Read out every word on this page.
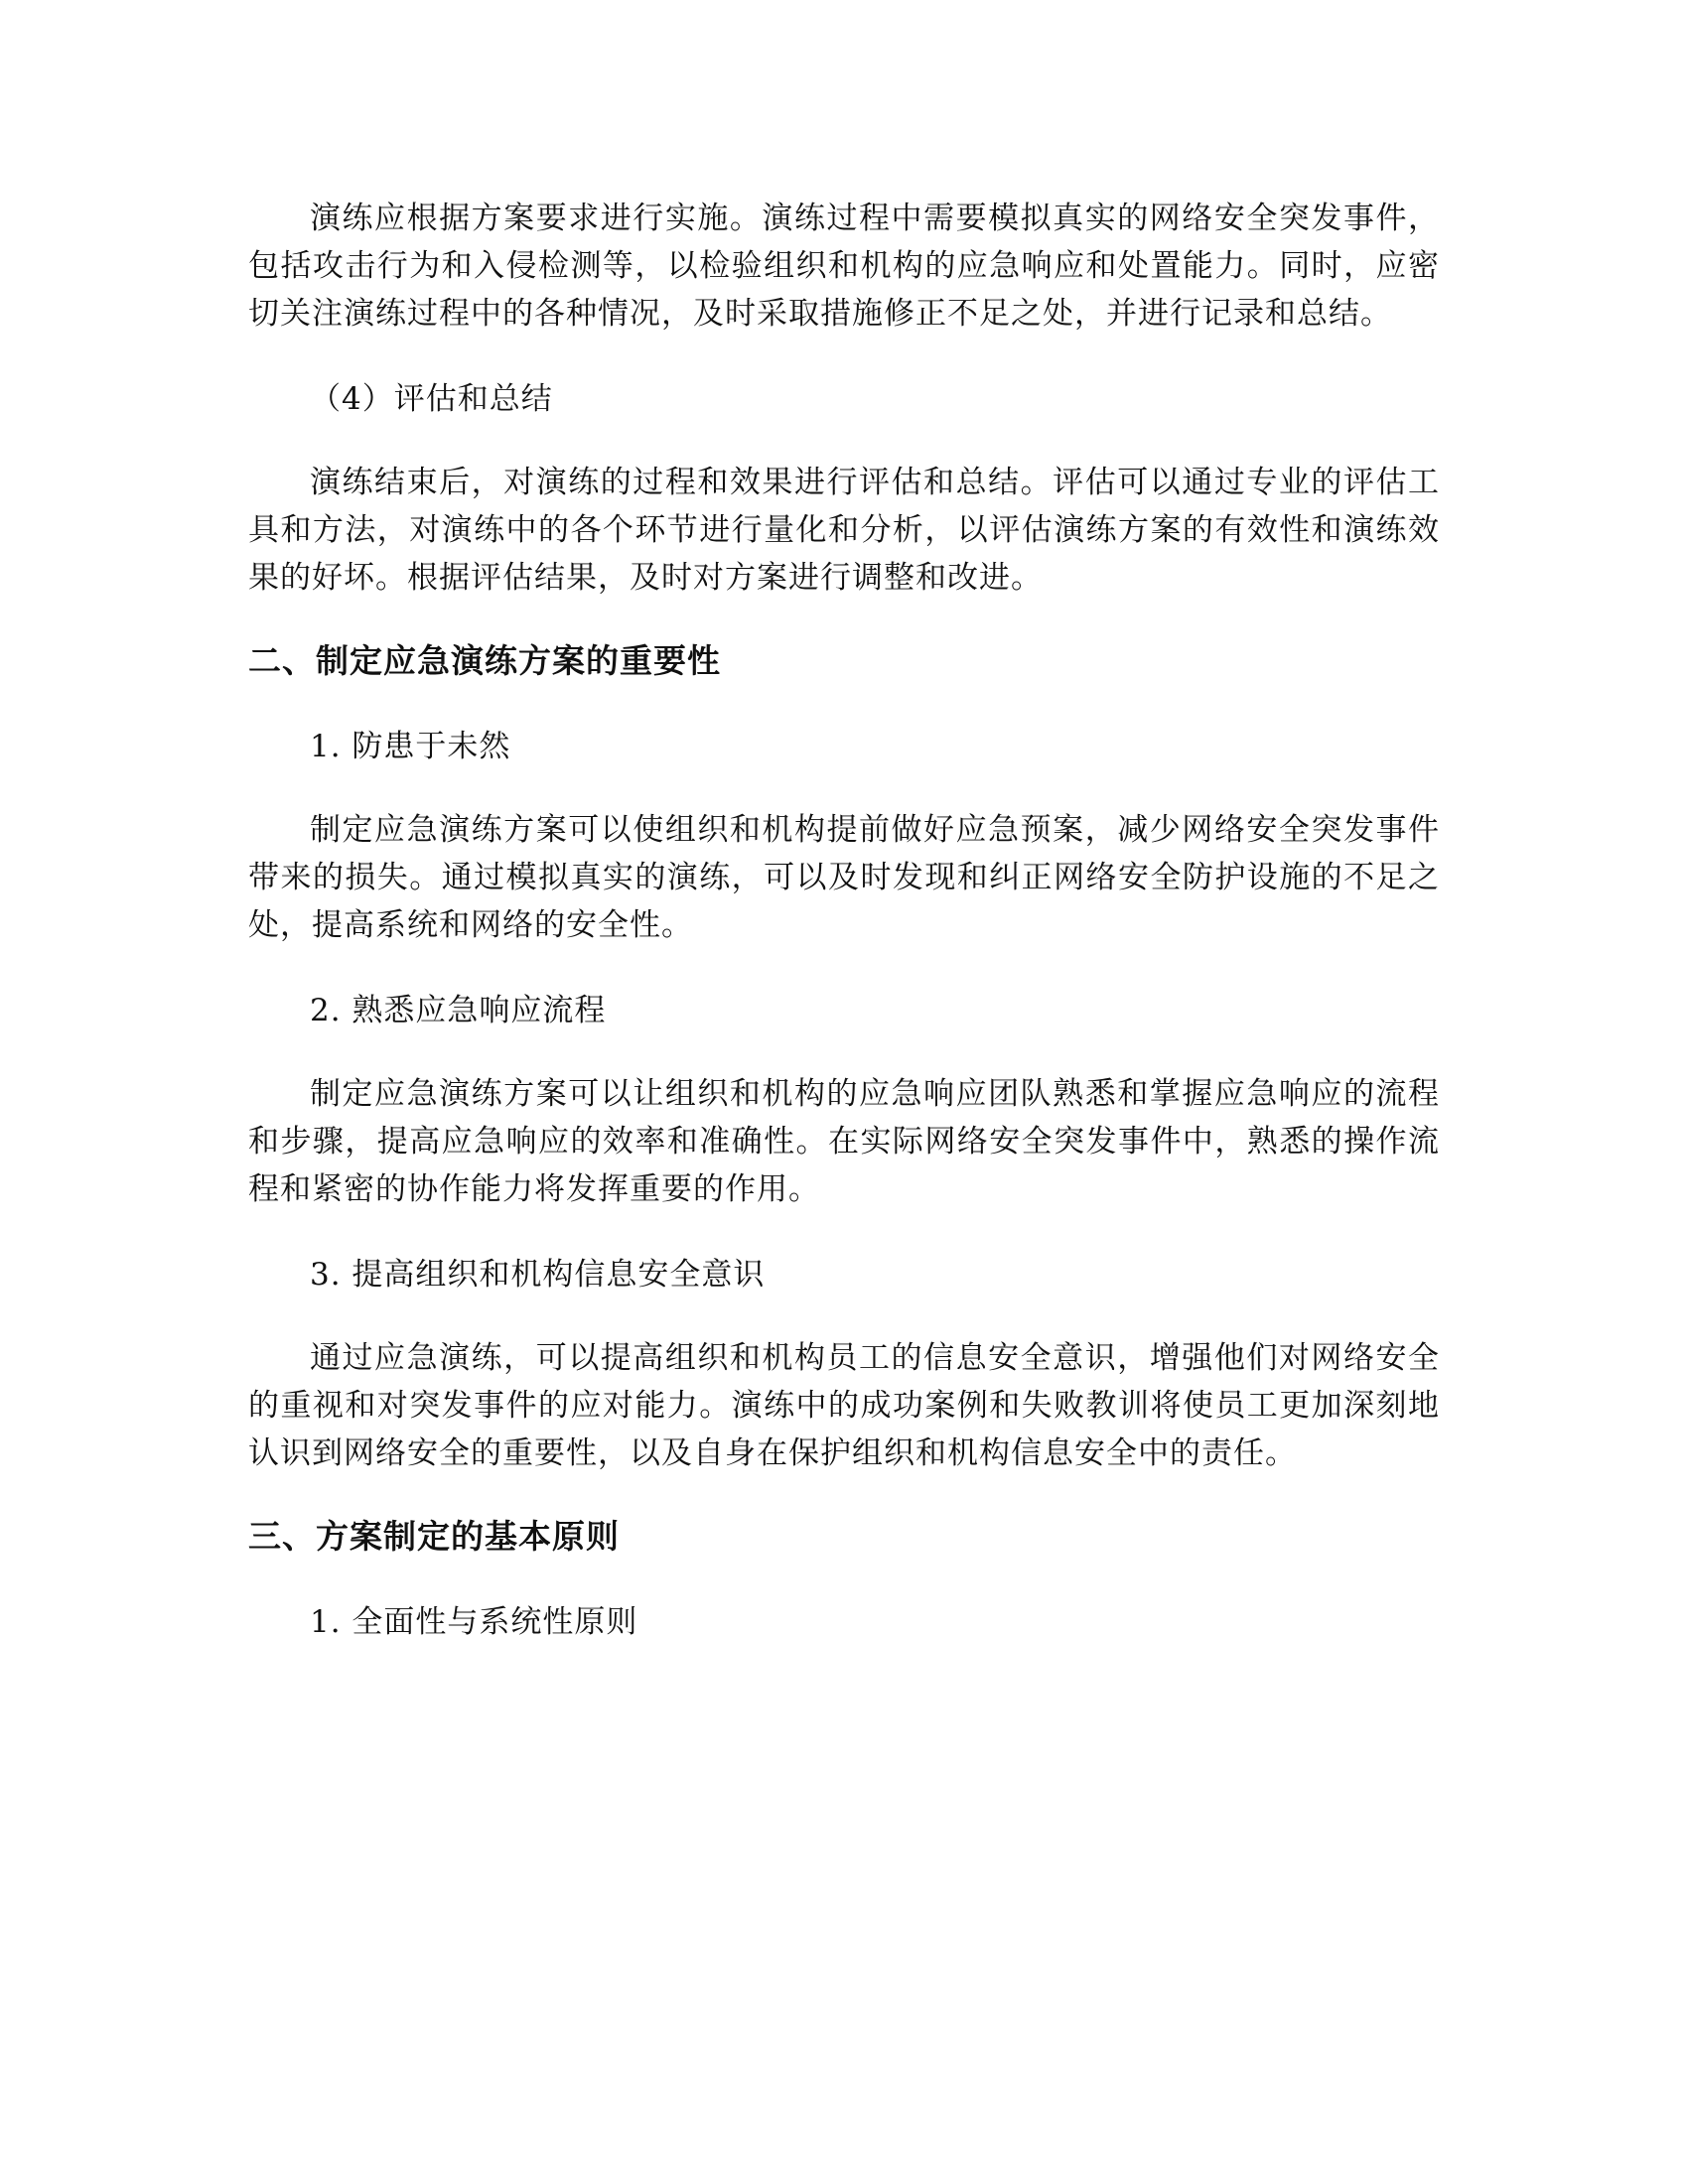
演练应根据方案要求进行实施。演练过程中需要模拟真实的网络安全突发事件，包括攻击行为和入侵检测等，以检验组织和机构的应急响应和处置能力。同时，应密切关注演练过程中的各种情况，及时采取措施修正不足之处，并进行记录和总结。

（4）评估和总结

演练结束后，对演练的过程和效果进行评估和总结。评估可以通过专业的评估工具和方法，对演练中的各个环节进行量化和分析，以评估演练方案的有效性和演练效果的好坏。根据评估结果，及时对方案进行调整和改进。

二、制定应急演练方案的重要性

1. 防患于未然

制定应急演练方案可以使组织和机构提前做好应急预案，减少网络安全突发事件带来的损失。通过模拟真实的演练，可以及时发现和纠正网络安全防护设施的不足之处，提高系统和网络的安全性。

2. 熟悉应急响应流程

制定应急演练方案可以让组织和机构的应急响应团队熟悉和掌握应急响应的流程和步骤，提高应急响应的效率和准确性。在实际网络安全突发事件中，熟悉的操作流程和紧密的协作能力将发挥重要的作用。

3. 提高组织和机构信息安全意识

通过应急演练，可以提高组织和机构员工的信息安全意识，增强他们对网络安全的重视和对突发事件的应对能力。演练中的成功案例和失败教训将使员工更加深刻地认识到网络安全的重要性，以及自身在保护组织和机构信息安全中的责任。

三、方案制定的基本原则

1. 全面性与系统性原则
